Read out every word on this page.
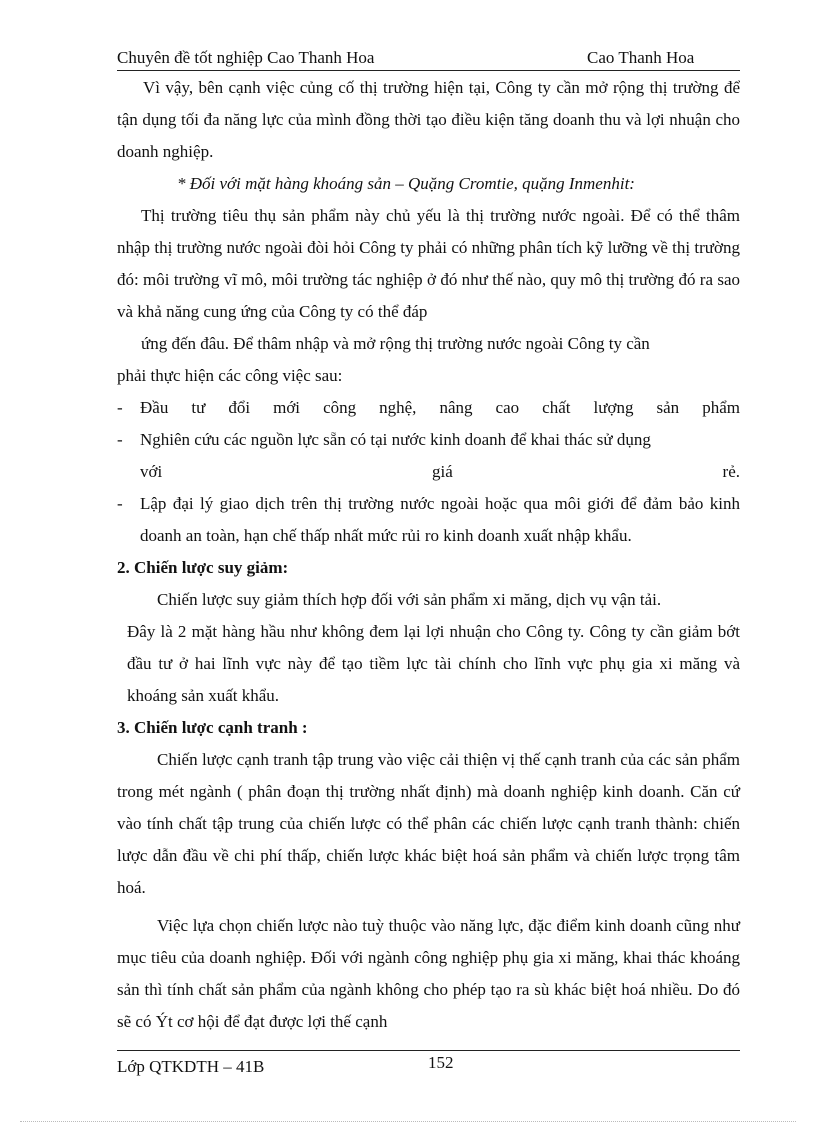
Chuyên đề tốt nghiệp Cao Thanh Hoa	Cao Thanh Hoa

Vì vậy, bên cạnh việc củng cố thị trường hiện tại, Công ty cần mở rộng thị trường để tận dụng tối đa năng lực của mình đồng thời tạo điều kiện tăng doanh thu và lợi nhuận cho doanh nghiệp.

* Đối với mặt hàng khoáng sản – Quặng Cromtie, quặng Inmenhit:

Thị trường tiêu thụ sản phẩm này chủ yếu là thị trường nước ngoài. Để có thể thâm nhập thị trường nước ngoài đòi hỏi Công ty phải có những phân tích kỹ lưỡng về thị trường đó: môi trường vĩ mô, môi trường tác nghiệp ở đó như thế nào, quy mô thị trường đó ra sao và khả năng cung ứng của Công ty có thể đáp

ứng đến đâu. Để thâm nhập và mở rộng thị trường nước ngoài Công ty cần

phải thực hiện các công việc sau:

- Đầu tư đổi mới công nghệ, nâng cao chất lượng sản phẩm
- Nghiên cứu các nguồn lực sẵn có tại nước kinh doanh để khai thác sử dụng
với	giá	rẻ.
- Lập đại lý giao dịch trên thị trường nước ngoài hoặc qua môi giới để đảm bảo kinh doanh an toàn, hạn chế thấp nhất mức rủi ro kinh doanh xuất nhập khẩu.

2. Chiến lược suy giảm:

Chiến lược suy giảm thích hợp đối với sản phẩm xi măng, dịch vụ vận tải.

Đây là 2 mặt hàng hầu như không đem lại lợi nhuận cho Công ty. Công ty cần giảm bớt đầu tư ở hai lĩnh vực này để tạo tiềm lực tài chính cho lĩnh vực phụ gia xi măng và khoáng sản xuất khẩu.

3. Chiến lược cạnh tranh :

Chiến lược cạnh tranh tập trung vào việc cải thiện vị thế cạnh tranh của các sản phẩm trong mét ngành ( phân đoạn thị trường nhất định) mà doanh nghiệp kinh doanh. Căn cứ vào tính chất tập trung của chiến lược có thể phân các chiến lược cạnh tranh thành: chiến lược dẫn đầu về chi phí thấp, chiến lược khác biệt hoá sản phẩm và chiến lược trọng tâm hoá.

Việc lựa chọn chiến lược nào tuỳ thuộc vào năng lực, đặc điểm kinh doanh cũng như mục tiêu của doanh nghiệp. Đối với ngành công nghiệp phụ gia xi măng, khai thác khoáng sản thì tính chất sản phẩm của ngành không cho phép tạo ra sù khác biệt hoá nhiều. Do đó sẽ có Ýt cơ hội để đạt được lợi thế cạnh

Lớp QTKDTH – 41B	152
